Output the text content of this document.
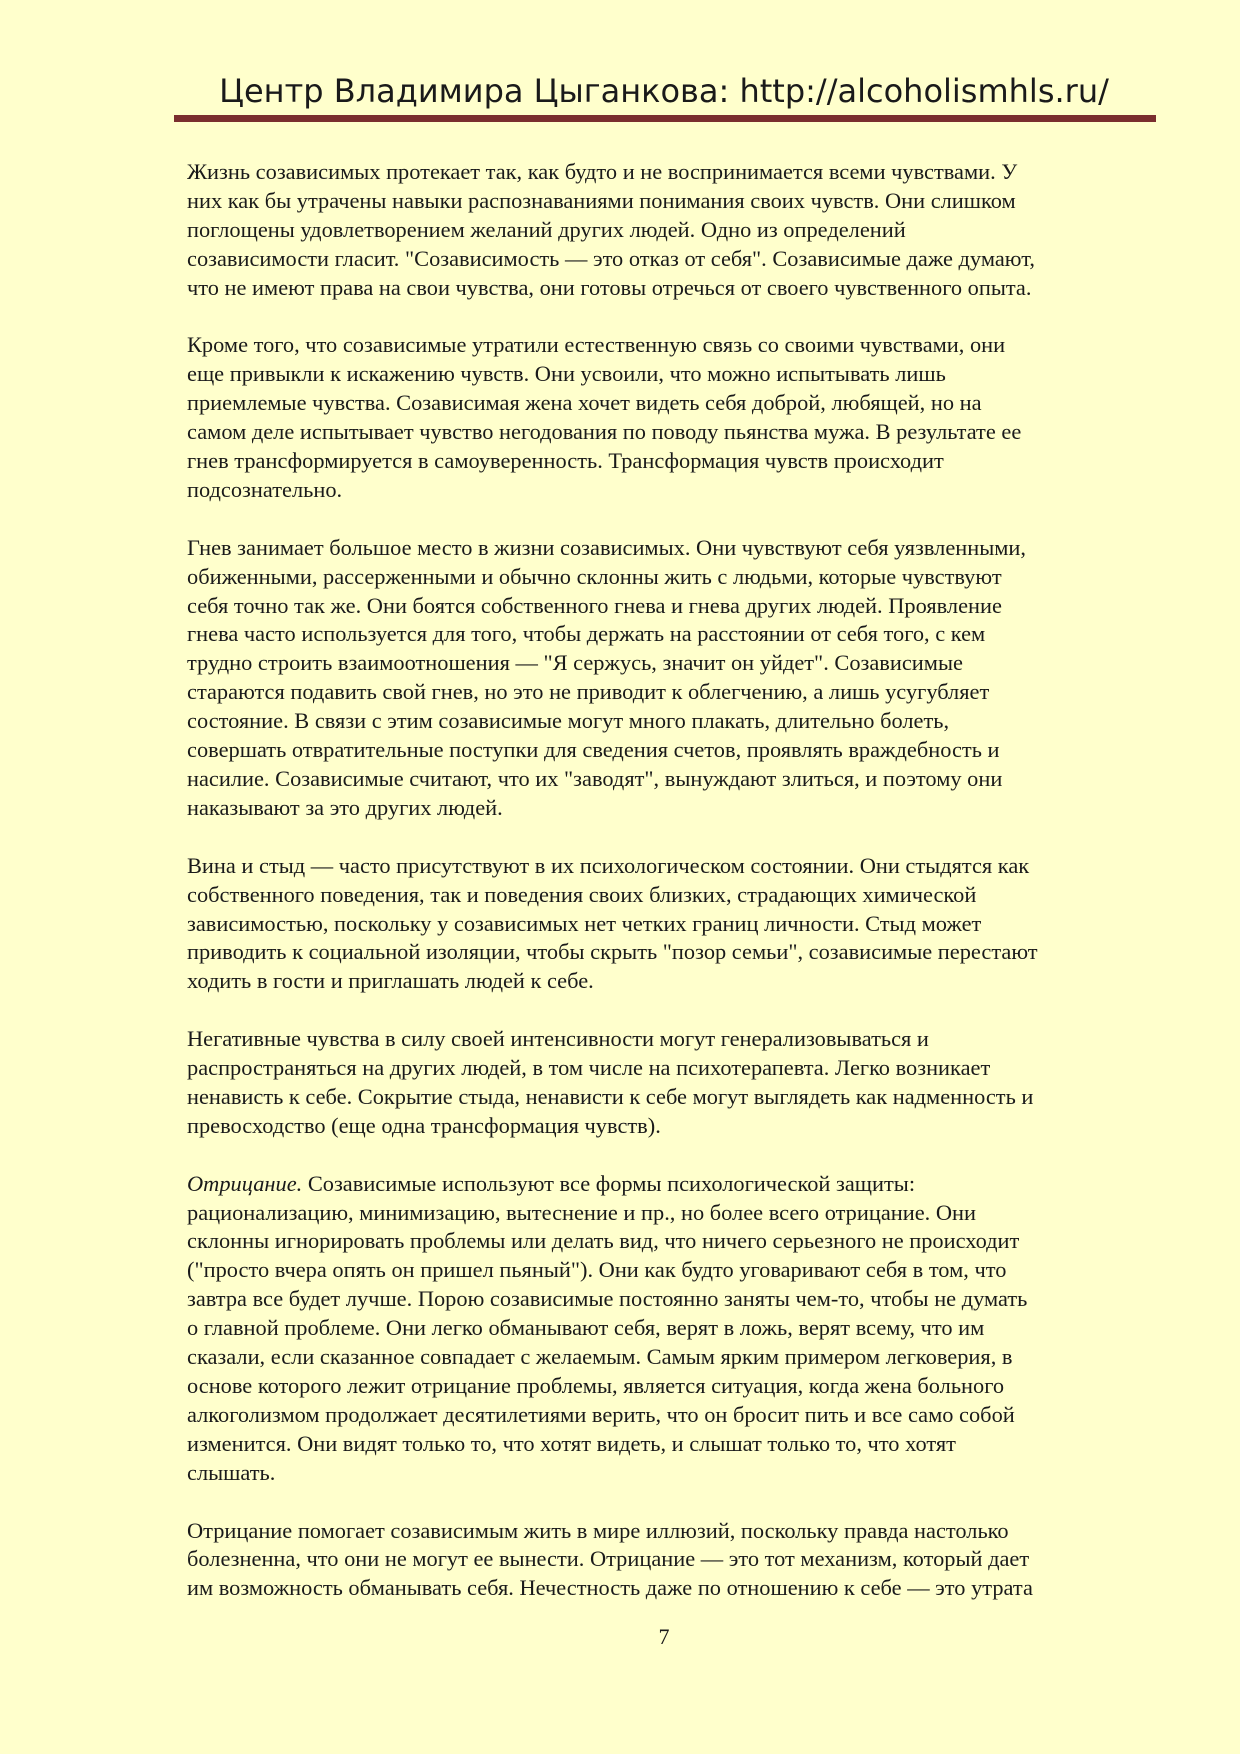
Центр Владимира Цыганкова: http://alcoholismhls.ru/

Жизнь созависимых протекает так, как будто и не воспринимается всеми чувствами. У
них как бы утрачены навыки распознаваниями понимания своих чувств. Они слишком
поглощены удовлетворением желаний других людей. Одно из определений
созависимости гласит. "Созависимость — это отказ от себя". Созависимые даже думают,
что не имеют права на свои чувства, они готовы отречься от своего чувственного опыта.

Кроме того, что созависимые утратили естественную связь со своими чувствами, они
еще привыкли к искажению чувств. Они усвоили, что можно испытывать лишь
приемлемые чувства. Созависимая жена хочет видеть себя доброй, любящей, но на
самом деле испытывает чувство негодования по поводу пьянства мужа. В результате ее
гнев трансформируется в самоуверенность. Трансформация чувств происходит
подсознательно.

Гнев занимает большое место в жизни созависимых. Они чувствуют себя уязвленными,
обиженными, рассерженными и обычно склонны жить с людьми, которые чувствуют
себя точно так же. Они боятся собственного гнева и гнева других людей. Проявление
гнева часто используется для того, чтобы держать на расстоянии от себя того, с кем
трудно строить взаимоотношения — "Я сержусь, значит он уйдет". Созависимые
стараются подавить свой гнев, но это не приводит к облегчению, а лишь усугубляет
состояние. В связи с этим созависимые могут много плакать, длительно болеть,
совершать отвратительные поступки для сведения счетов, проявлять враждебность и
насилие. Созависимые считают, что их "заводят", вынуждают злиться, и поэтому они
наказывают за это других людей.

Вина и стыд — часто присутствуют в их психологическом состоянии. Они стыдятся как
собственного поведения, так и поведения своих близких, страдающих химической
зависимостью, поскольку у созависимых нет четких границ личности. Стыд может
приводить к социальной изоляции, чтобы скрыть "позор семьи", созависимые перестают
ходить в гости и приглашать людей к себе.

Негативные чувства в силу своей интенсивности могут генерализовываться и
распространяться на других людей, в том числе на психотерапевта. Легко возникает
ненависть к себе. Сокрытие стыда, ненависти к себе могут выглядеть как надменность и
превосходство (еще одна трансформация чувств).

Отрицание. Созависимые используют все формы психологической защиты:
рационализацию, минимизацию, вытеснение и пр., но более всего отрицание. Они
склонны игнорировать проблемы или делать вид, что ничего серьезного не происходит
("просто вчера опять он пришел пьяный"). Они как будто уговаривают себя в том, что
завтра все будет лучше. Порою созависимые постоянно заняты чем-то, чтобы не думать
о главной проблеме. Они легко обманывают себя, верят в ложь, верят всему, что им
сказали, если сказанное совпадает с желаемым. Самым ярким примером легковерия, в
основе которого лежит отрицание проблемы, является ситуация, когда жена больного
алкоголизмом продолжает десятилетиями верить, что он бросит пить и все само собой
изменится. Они видят только то, что хотят видеть, и слышат только то, что хотят
слышать.

Отрицание помогает созависимым жить в мире иллюзий, поскольку правда настолько
болезненна, что они не могут ее вынести. Отрицание — это тот механизм, который дает
им возможность обманывать себя. Нечестность даже по отношению к себе — это утрата

7
